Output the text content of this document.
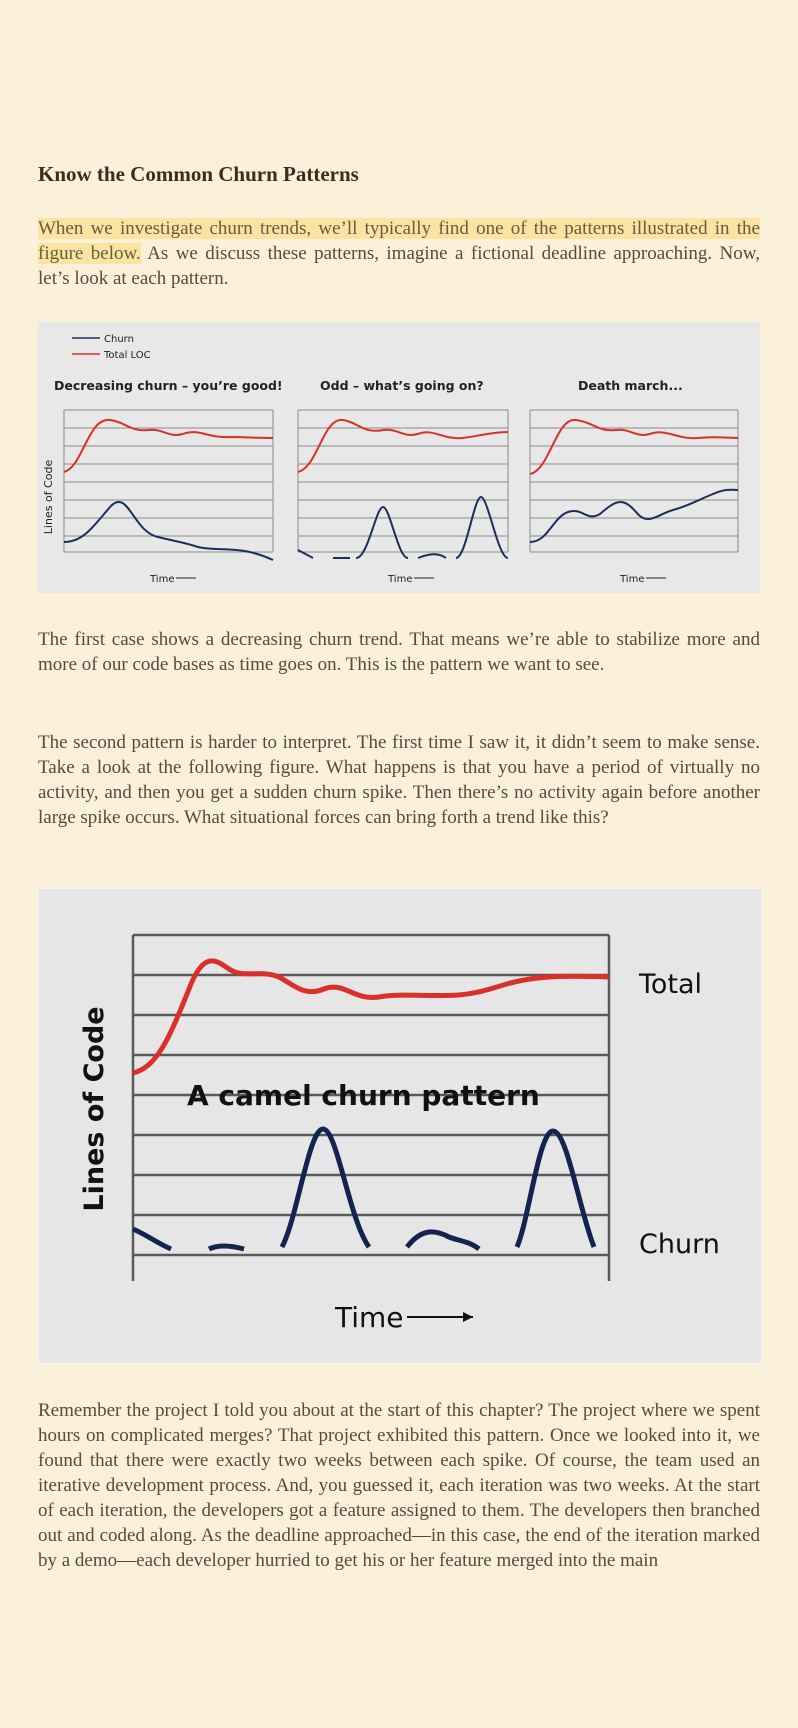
Know the Common Churn Patterns

When we investigate churn trends, we’ll typically find one of the patterns illustrated in the figure below. As we discuss these patterns, imagine a fictional deadline approaching. Now, let’s look at each pattern.

Churn
Total LOC
Decreasing churn – you’re good!	Odd – what’s going on?	Death march...
Lines of Code
Time	Time	Time

The first case shows a decreasing churn trend. That means we’re able to stabilize more and more of our code bases as time goes on. This is the pattern we want to see.

The second pattern is harder to interpret. The first time I saw it, it didn’t seem to make sense. Take a look at the following figure. What happens is that you have a period of virtually no activity, and then you get a sudden churn spike. Then there’s no activity again before another large spike occurs. What situational forces can bring forth a trend like this?

A camel churn pattern
Lines of Code
Total
Churn
Time

Remember the project I told you about at the start of this chapter? The project where we spent hours on complicated merges? That project exhibited this pattern. Once we looked into it, we found that there were exactly two weeks between each spike. Of course, the team used an iterative development process. And, you guessed it, each iteration was two weeks. At the start of each iteration, the developers got a feature assigned to them. The developers then branched out and coded along. As the deadline approached—in this case, the end of the iteration marked by a demo—each developer hurried to get his or her feature merged into the main
